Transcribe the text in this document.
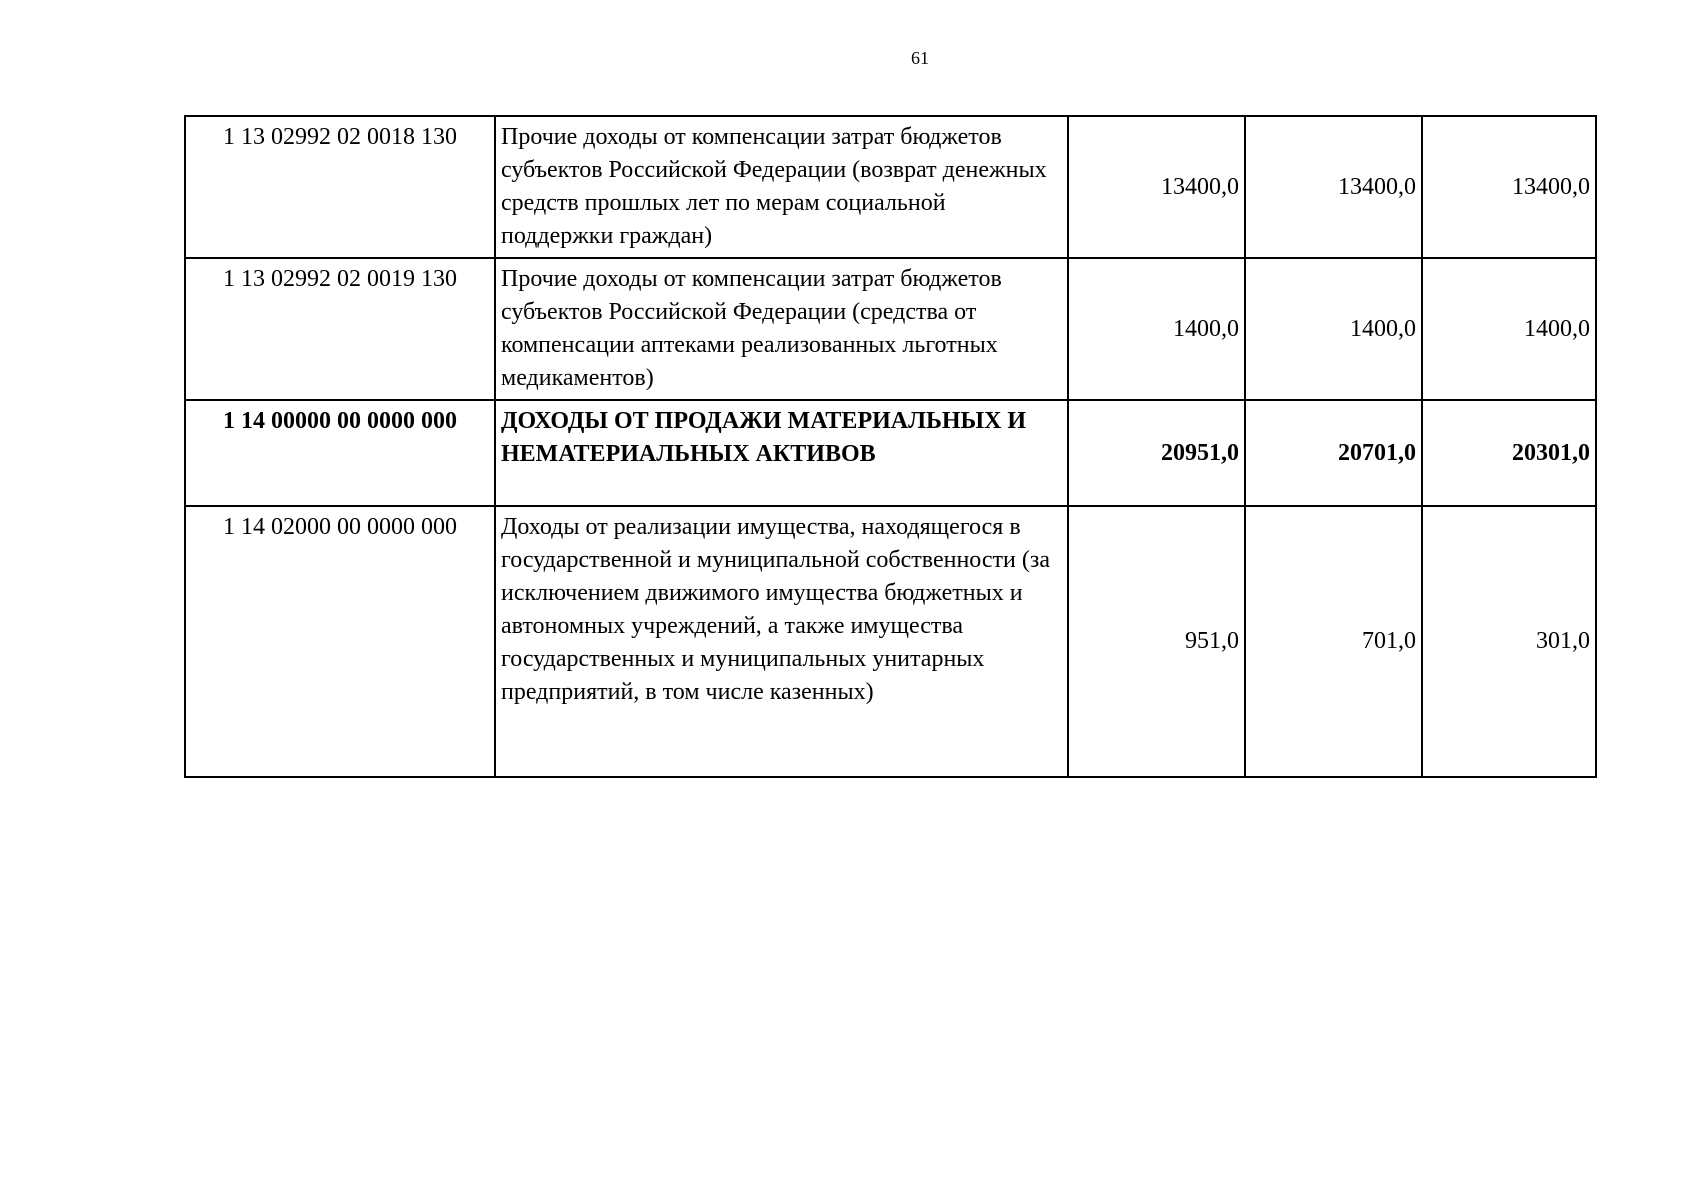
61
1 13 02992 02 0018 130	Прочие доходы от компенсации затрат бюджетов субъектов Российской Федерации (возврат денежных средств прошлых лет по мерам социальной поддержки граждан)	13400,0	13400,0	13400,0
1 13 02992 02 0019 130	Прочие доходы от компенсации затрат бюджетов субъектов Российской Федерации (средства от компенсации аптеками реализованных льготных медикаментов)	1400,0	1400,0	1400,0
1 14 00000 00 0000 000	ДОХОДЫ ОТ ПРОДАЖИ МАТЕРИАЛЬНЫХ И НЕМАТЕРИАЛЬНЫХ АКТИВОВ	20951,0	20701,0	20301,0
1 14 02000 00 0000 000	Доходы от реализации имущества, находящегося в государственной и муниципальной собственности (за исключением движимого имущества бюджетных и автономных учреждений, а также имущества государственных и муниципальных унитарных предприятий, в том числе казенных)	951,0	701,0	301,0
